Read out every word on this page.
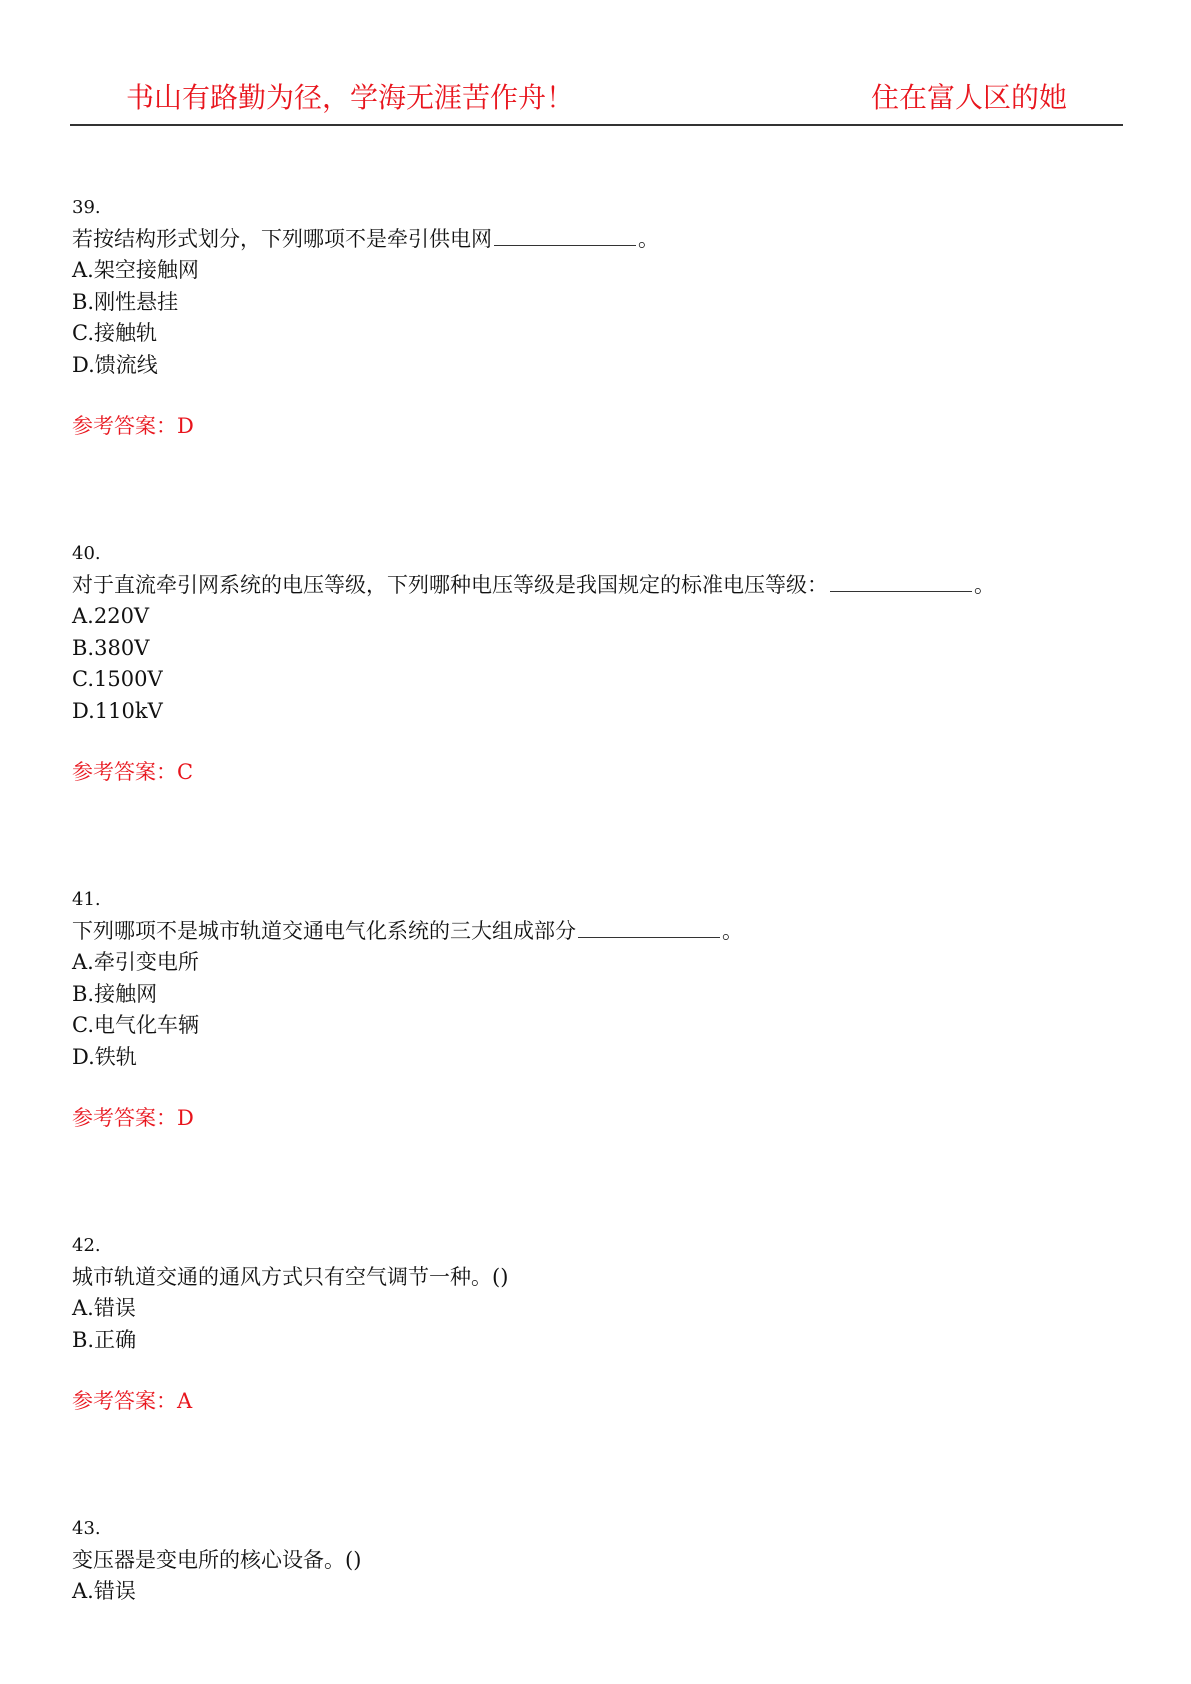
书山有路勤为径，学海无涯苦作舟！	住在富人区的她
39.
若按结构形式划分，下列哪项不是牵引供电网	。
A.架空接触网
B.刚性悬挂
C.接触轨
D.馈流线
参考答案：D
40.
对于直流牵引网系统的电压等级，下列哪种电压等级是我国规定的标准电压等级：	。
A.220V
B.380V
C.1500V
D.110kV
参考答案：C
41.
下列哪项不是城市轨道交通电气化系统的三大组成部分	。
A.牵引变电所
B.接触网
C.电气化车辆
D.铁轨
参考答案：D
42.
城市轨道交通的通风方式只有空气调节一种。()
A.错误
B.正确
参考答案：A
43.
变压器是变电所的核心设备。()
A.错误
